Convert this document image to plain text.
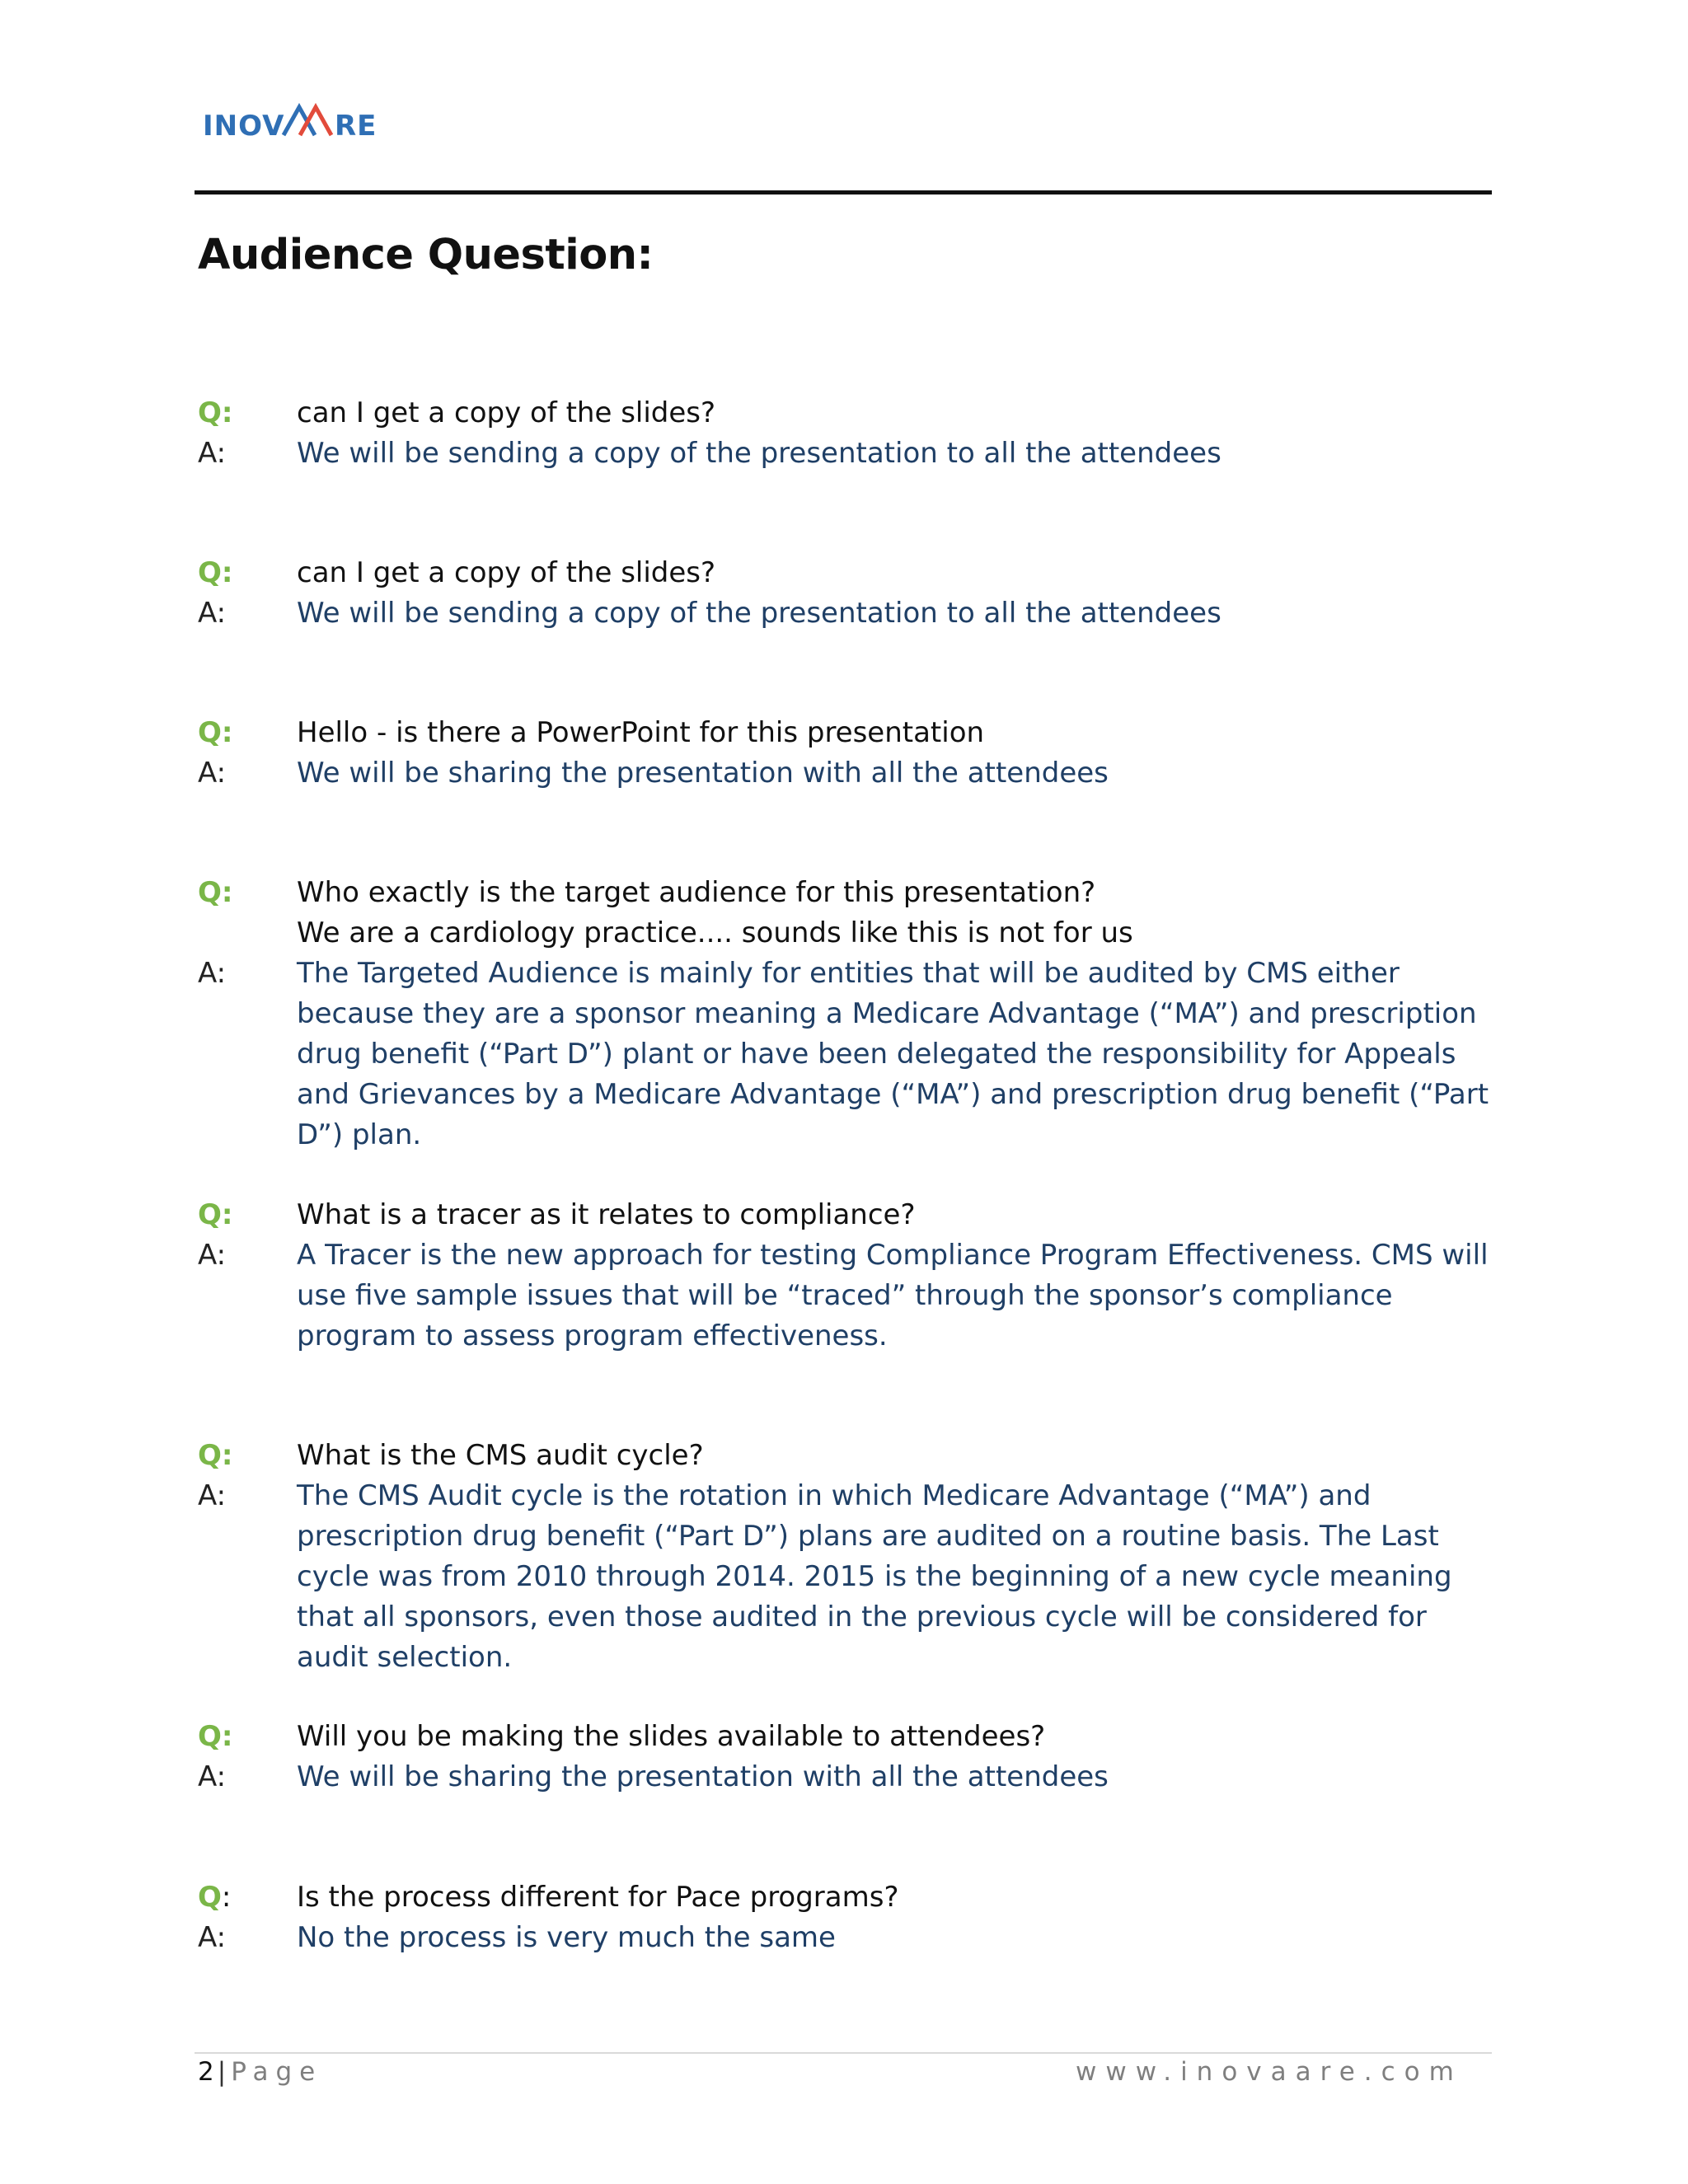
INOV RE
Audience Question:
Q:	can I get a copy of the slides?
A:	We will be sending a copy of the presentation to all the attendees
Q:	can I get a copy of the slides?
A:	We will be sending a copy of the presentation to all the attendees
Q:	Hello - is there a PowerPoint for this presentation
A:	We will be sharing the presentation with all the attendees
Q:	Who exactly is the target audience for this presentation?
We are a cardiology practice.... sounds like this is not for us
A:	The Targeted Audience is mainly for entities that will be audited by CMS either because they are a sponsor meaning a Medicare Advantage (“MA”) and prescription drug benefit (“Part D”) plant or have been delegated the responsibility for Appeals and Grievances by a Medicare Advantage (“MA”) and prescription drug benefit (“Part D”) plan.
Q:	What is a tracer as it relates to compliance?
A:	A Tracer is the new approach for testing Compliance Program Effectiveness. CMS will use five sample issues that will be “traced” through the sponsor’s compliance program to assess program effectiveness.
Q:	What is the CMS audit cycle?
A:	The CMS Audit cycle is the rotation in which Medicare Advantage (“MA”) and prescription drug benefit (“Part D”) plans are audited on a routine basis. The Last cycle was from 2010 through 2014. 2015 is the beginning of a new cycle meaning that all sponsors, even those audited in the previous cycle will be considered for audit selection.
Q:	Will you be making the slides available to attendees?
A:	We will be sharing the presentation with all the attendees
Q:	Is the process different for Pace programs?
A:	No the process is very much the same
2 | Page	www.inovaare.com
